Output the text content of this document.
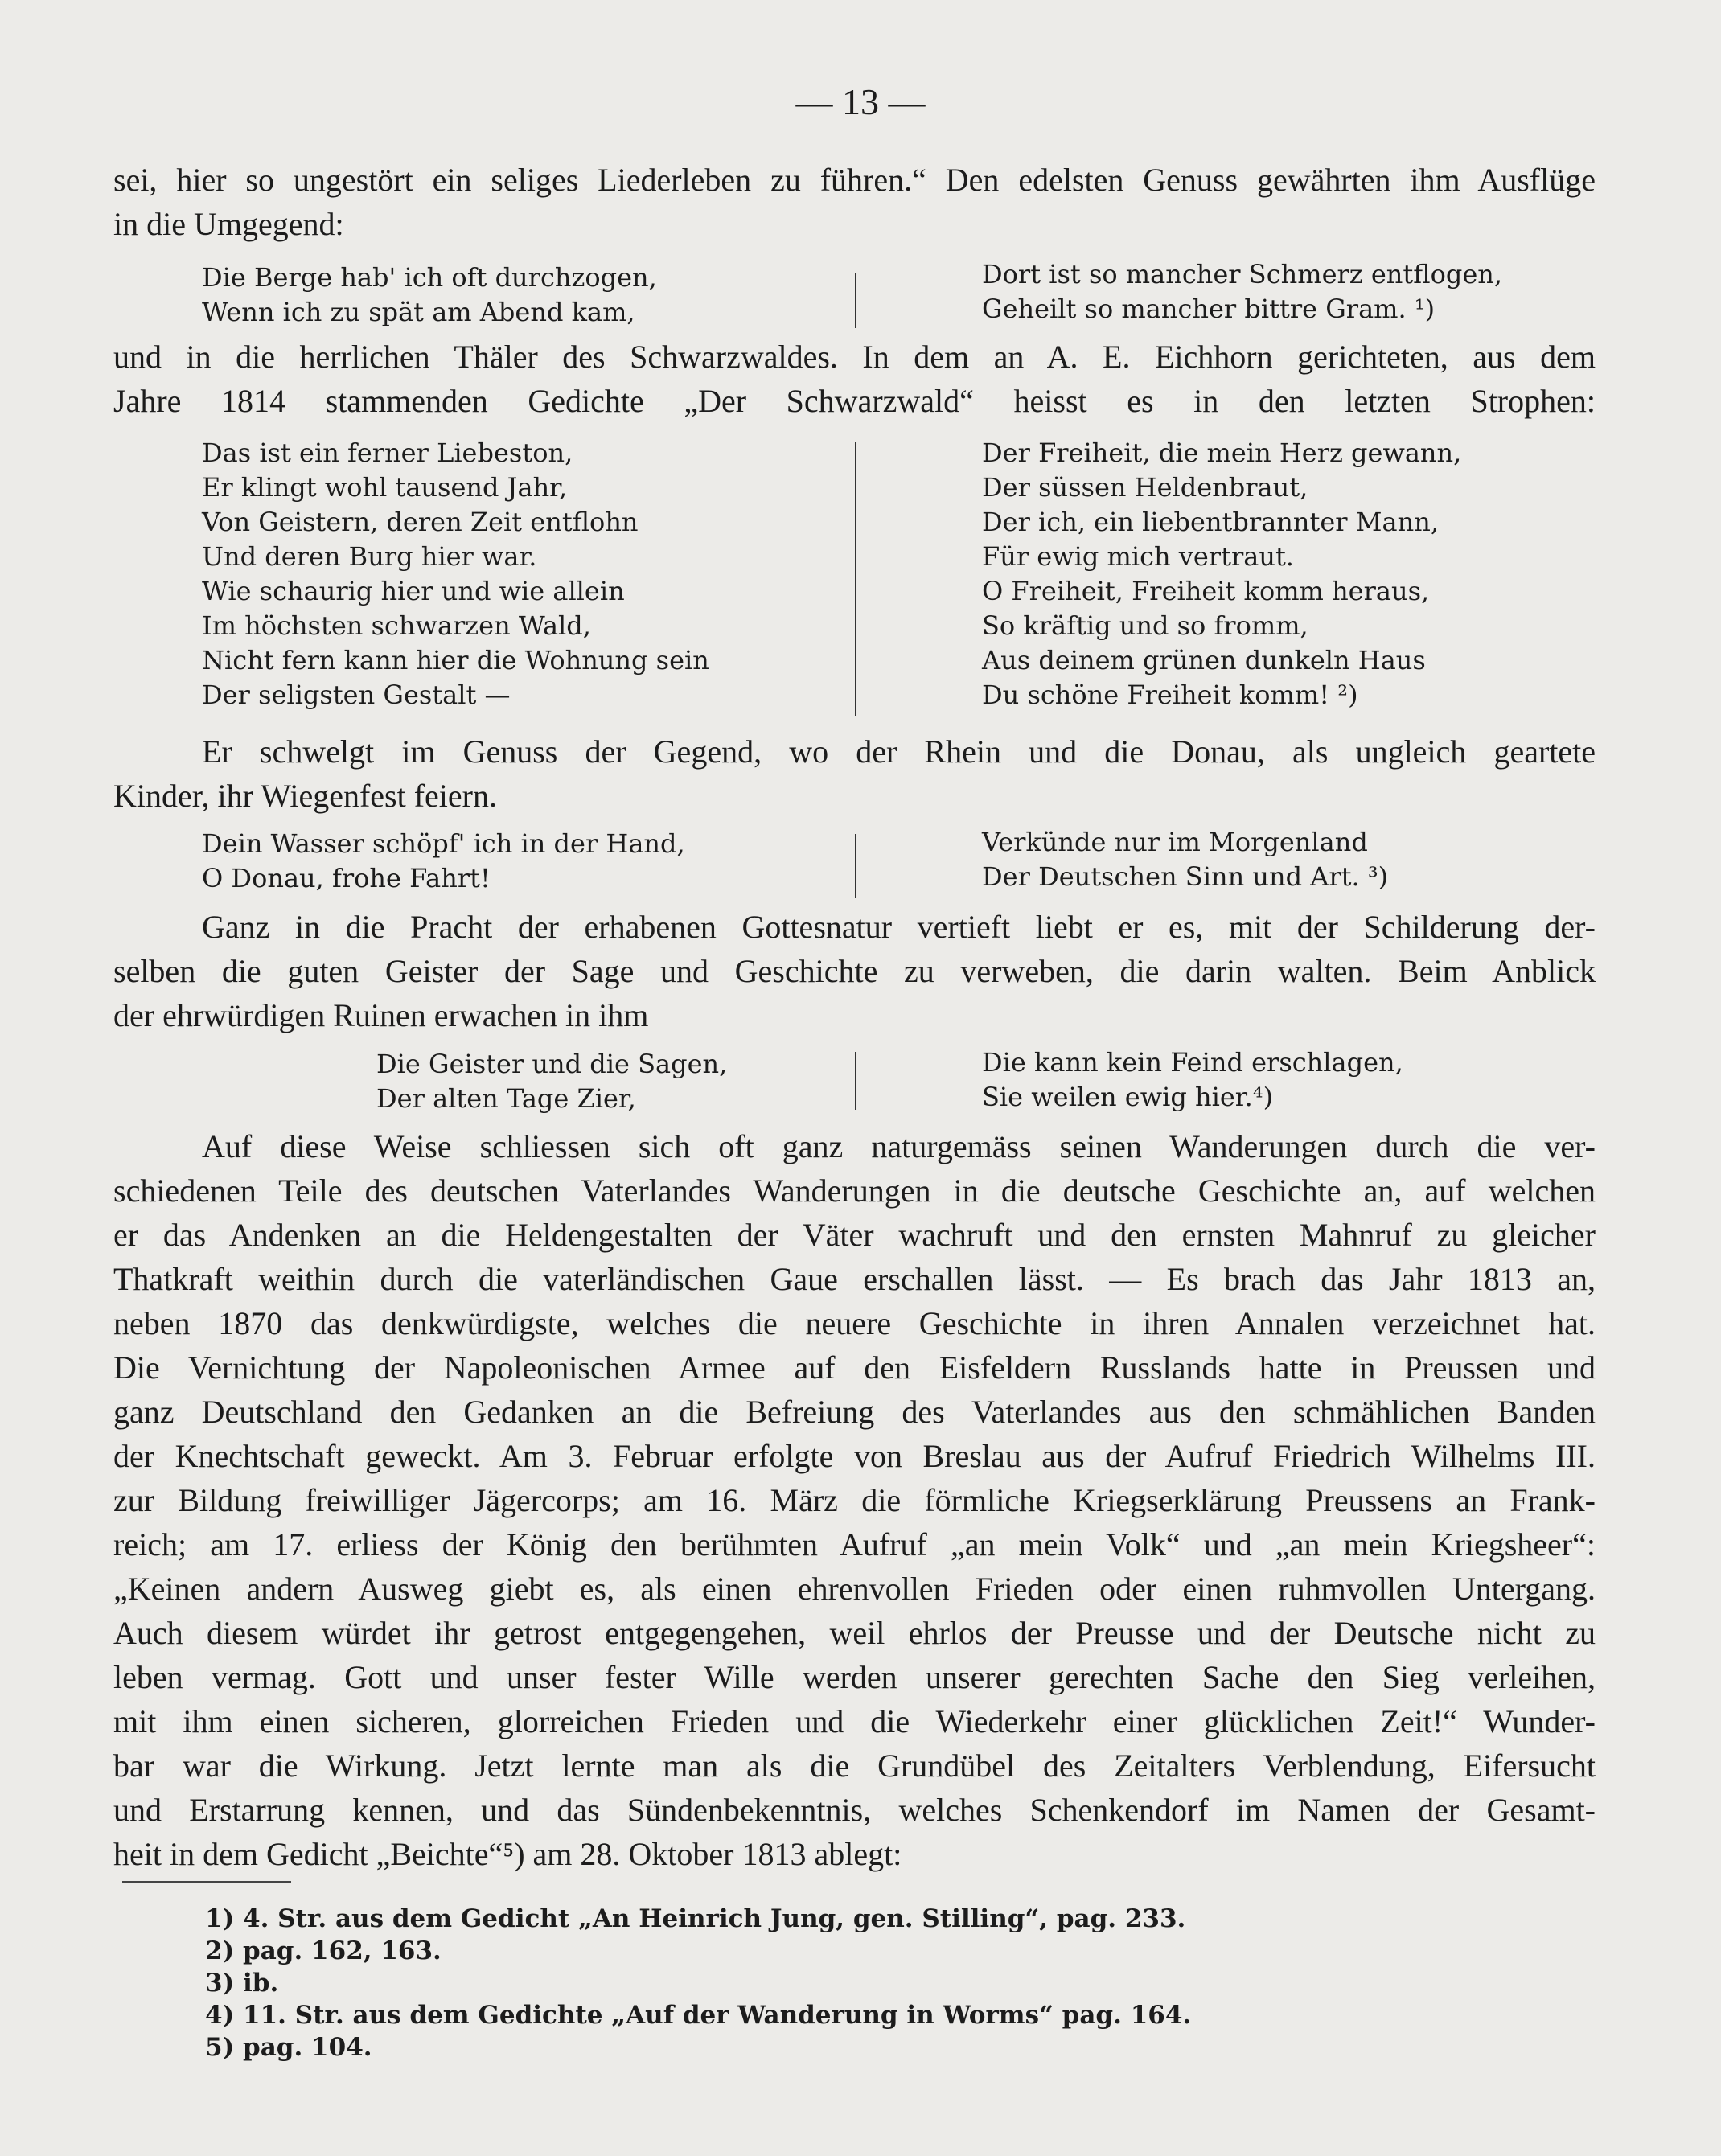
— 13 —
sei, hier so ungestört ein seliges Liederleben zu führen.“ Den edelsten Genuss gewährten ihm Ausflüge
in die Umgegend:
Die Berge hab' ich oft durchzogen,
Wenn ich zu spät am Abend kam,
Dort ist so mancher Schmerz entflogen,
Geheilt so mancher bittre Gram. ¹)
und in die herrlichen Thäler des Schwarzwaldes. In dem an A. E. Eichhorn gerichteten, aus dem
Jahre 1814 stammenden Gedichte „Der Schwarzwald“ heisst es in den letzten Strophen:
Das ist ein ferner Liebeston,
Er klingt wohl tausend Jahr,
Von Geistern, deren Zeit entflohn
Und deren Burg hier war.
Wie schaurig hier und wie allein
Im höchsten schwarzen Wald,
Nicht fern kann hier die Wohnung sein
Der seligsten Gestalt —
Der Freiheit, die mein Herz gewann,
Der süssen Heldenbraut,
Der ich, ein liebentbrannter Mann,
Für ewig mich vertraut.
O Freiheit, Freiheit komm heraus,
So kräftig und so fromm,
Aus deinem grünen dunkeln Haus
Du schöne Freiheit komm! ²)
Er schwelgt im Genuss der Gegend, wo der Rhein und die Donau, als ungleich geartete
Kinder, ihr Wiegenfest feiern.
Dein Wasser schöpf' ich in der Hand,
O Donau, frohe Fahrt!
Verkünde nur im Morgenland
Der Deutschen Sinn und Art. ³)
Ganz in die Pracht der erhabenen Gottesnatur vertieft liebt er es, mit der Schilderung der-
selben die guten Geister der Sage und Geschichte zu verweben, die darin walten. Beim Anblick
der ehrwürdigen Ruinen erwachen in ihm
Die Geister und die Sagen,
Der alten Tage Zier,
Die kann kein Feind erschlagen,
Sie weilen ewig hier.⁴)
Auf diese Weise schliessen sich oft ganz naturgemäss seinen Wanderungen durch die ver-
schiedenen Teile des deutschen Vaterlandes Wanderungen in die deutsche Geschichte an, auf welchen
er das Andenken an die Heldengestalten der Väter wachruft und den ernsten Mahnruf zu gleicher
Thatkraft weithin durch die vaterländischen Gaue erschallen lässt. — Es brach das Jahr 1813 an,
neben 1870 das denkwürdigste, welches die neuere Geschichte in ihren Annalen verzeichnet hat.
Die Vernichtung der Napoleonischen Armee auf den Eisfeldern Russlands hatte in Preussen und
ganz Deutschland den Gedanken an die Befreiung des Vaterlandes aus den schmählichen Banden
der Knechtschaft geweckt. Am 3. Februar erfolgte von Breslau aus der Aufruf Friedrich Wilhelms III.
zur Bildung freiwilliger Jägercorps; am 16. März die förmliche Kriegserklärung Preussens an Frank-
reich; am 17. erliess der König den berühmten Aufruf „an mein Volk“ und „an mein Kriegsheer“:
„Keinen andern Ausweg giebt es, als einen ehrenvollen Frieden oder einen ruhmvollen Untergang.
Auch diesem würdet ihr getrost entgegengehen, weil ehrlos der Preusse und der Deutsche nicht zu
leben vermag. Gott und unser fester Wille werden unserer gerechten Sache den Sieg verleihen,
mit ihm einen sicheren, glorreichen Frieden und die Wiederkehr einer glücklichen Zeit!“ Wunder-
bar war die Wirkung. Jetzt lernte man als die Grundübel des Zeitalters Verblendung, Eifersucht
und Erstarrung kennen, und das Sündenbekenntnis, welches Schenkendorf im Namen der Gesamt-
heit in dem Gedicht „Beichte“⁵) am 28. Oktober 1813 ablegt:
1) 4. Str. aus dem Gedicht „An Heinrich Jung, gen. Stilling“, pag. 233.
2) pag. 162, 163.
3) ib.
4) 11. Str. aus dem Gedichte „Auf der Wanderung in Worms“ pag. 164.
5) pag. 104.
